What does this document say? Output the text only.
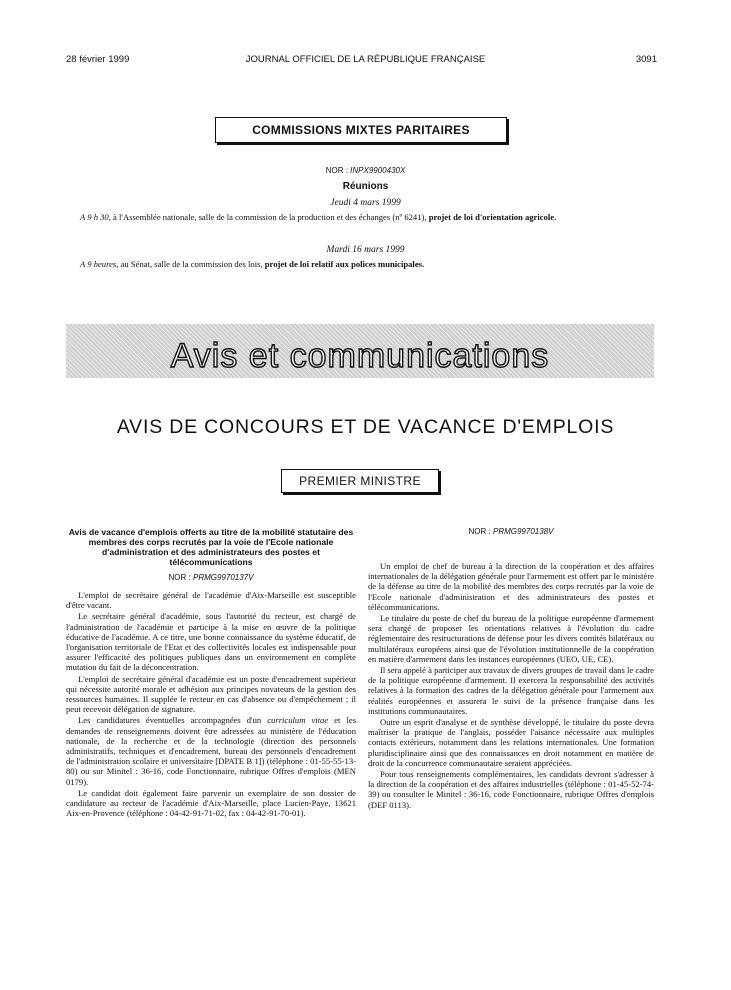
28 février 1999	JOURNAL OFFICIEL DE LA RÉPUBLIQUE FRANÇAISE	3091
COMMISSIONS MIXTES PARITAIRES
NOR : INPX9900430X
Réunions
Jeudi 4 mars 1999
A 9 h 30, à l'Assemblée nationale, salle de la commission de la production et des échanges (nº 6241), projet de loi d'orientation agricole.
Mardi 16 mars 1999
A 9 heures, au Sénat, salle de la commission des lois, projet de loi relatif aux polices municipales.
Avis et communications
AVIS DE CONCOURS ET DE VACANCE D'EMPLOIS
PREMIER MINISTRE
Avis de vacance d'emplois offerts au titre de la mobilité statutaire des membres des corps recrutés par la voie de l'Ecole nationale d'administration et des administrateurs des postes et télécommunications
NOR : PRMG9970137V

L'emploi de secrétaire général de l'académie d'Aix-Marseille est susceptible d'être vacant.

Le secrétaire général d'académie, sous l'autorité du recteur, est chargé de l'administration de l'académie et participe à la mise en œuvre de la politique éducative de l'académie. A ce titre, une bonne connaissance du système éducatif, de l'organisation territoriale de l'Etat et des collectivités locales est indispensable pour assurer l'efficacité des politiques publiques dans un environnement en complète mutation du fait de la déconcentration.

L'emploi de secrétaire général d'académie est un poste d'encadrement supérieur qui nécessite autorité morale et adhésion aux principes novateurs de la gestion des ressources humaines. Il supplée le recteur en cas d'absence ou d'empêchement ; il peut recevoir délégation de signature.

Les candidatures éventuelles accompagnées d'un curriculum vitae et les demandes de renseignements doivent être adressées au ministère de l'éducation nationale, de la recherche et de la technologie (direction des personnels administratifs, techniques et d'encadrement, bureau des personnels d'encadrement de l'administration scolaire et universitaire [DPATE B 1]) (téléphone : 01-55-55-13-80) ou sur Minitel : 36-16, code Fonctionnaire, rubrique Offres d'emplois (MEN 0179).

Le candidat doit également faire parvenir un exemplaire de son dossier de candidature au recteur de l'académie d'Aix-Marseille, place Lucien-Paye, 13621 Aix-en-Provence (téléphone : 04-42-91-71-02, fax : 04-42-91-70-01).

NOR : PRMG9970138V

Un emploi de chef de bureau à la direction de la coopération et des affaires internationales de la délégation générale pour l'armement est offert par le ministère de la défense au titre de la mobilité des membres des corps recrutés par la voie de l'Ecole nationale d'administration et des administrateurs des postes et télécommunications.

Le titulaire du poste de chef du bureau de la politique européenne d'armement sera chargé de proposer les orientations relatives à l'évolution du cadre réglementaire des restructurations de défense pour les divers comités bilatéraux ou multilatéraux européens ainsi que de l'évolution institutionnelle de la coopération en matière d'armement dans les instances européennes (UEO, UE, CE).

Il sera appelé à participer aux travaux de divers groupes de travail dans le cadre de la politique européenne d'armement. Il exercera la responsabilité des activités relatives à la formation des cadres de la délégation générale pour l'armement aux réalités européennes et assurera le suivi de la présence française dans les institutions communautaires.

Outre un esprit d'analyse et de synthèse développé, le titulaire du poste devra maîtriser la pratique de l'anglais, posséder l'aisance nécessaire aux multiples contacts extérieurs, notamment dans les relations internationales. Une formation pluridisciplinaire ainsi que des connaissances en droit notamment en matière de droit de la concurrence communautaire seraient appréciées.

Pour tous renseignements complémentaires, les candidats devront s'adresser à la direction de la coopération et des affaires industrielles (téléphone : 01-45-52-74-39) ou consulter le Minitel : 36-16, code Fonctionnaire, rubrique Offres d'emplois (DEF 0113).
